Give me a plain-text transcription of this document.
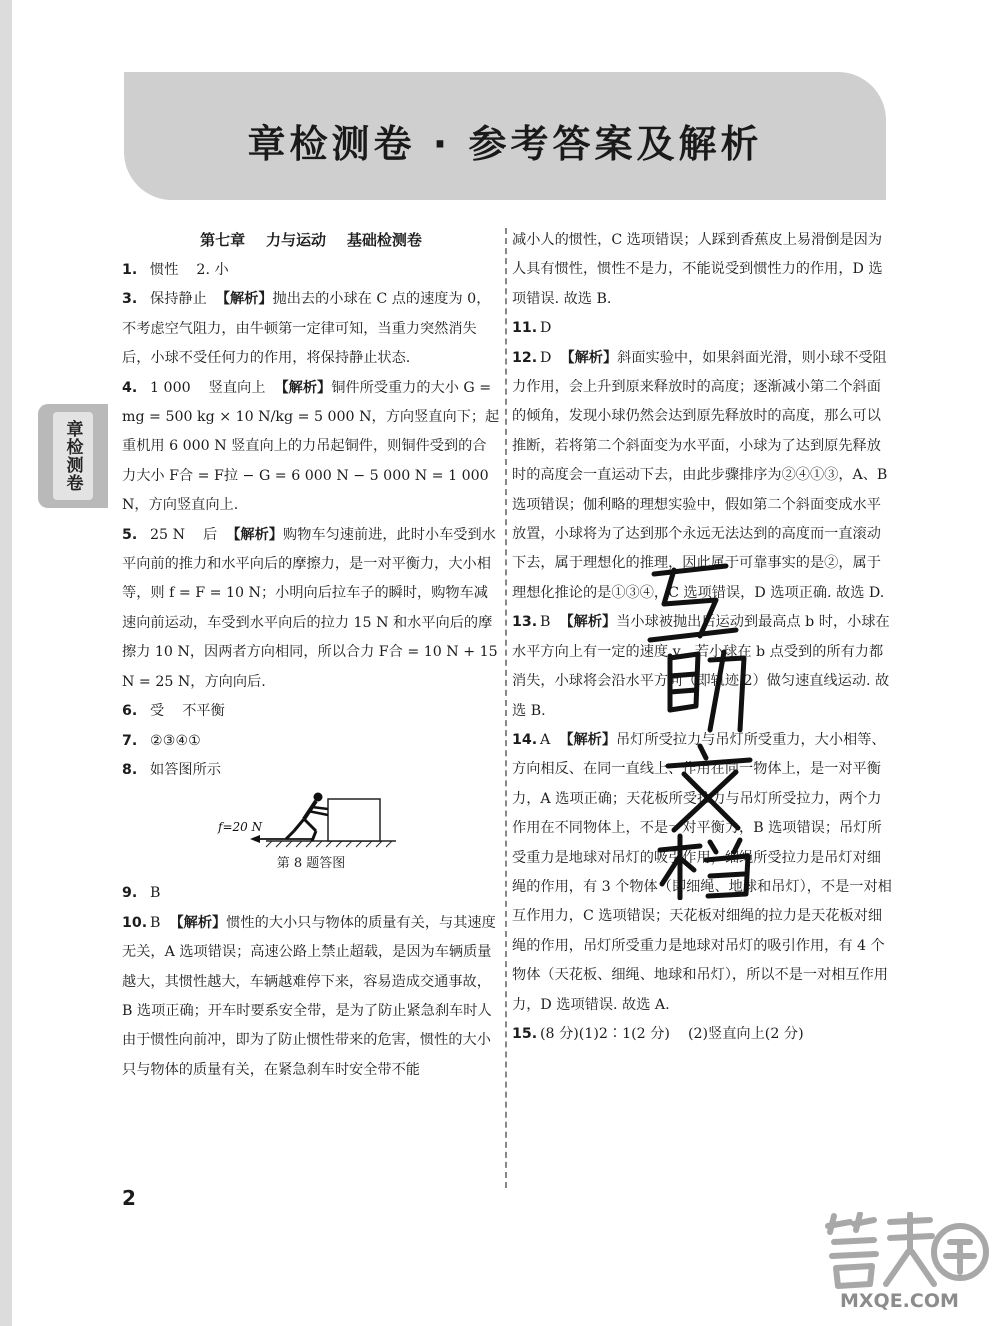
章检测卷 · 参考答案及解析
章检测卷
第七章    力与运动    基础检测卷

1. 惯性    2. 小

3. 保持静止  【解析】抛出去的小球在 C 点的速度为 0，不考虑空气阻力，由牛顿第一定律可知，当重力突然消失后，小球不受任何力的作用，将保持静止状态.

4. 1 000    竖直向上  【解析】铜件所受重力的大小 G = mg = 500 kg × 10 N/kg = 5 000 N，方向竖直向下；起重机用 6 000 N 竖直向上的力吊起铜件，则铜件受到的合力大小 F合 = F拉 − G = 6 000 N − 5 000 N = 1 000 N，方向竖直向上.

5. 25 N    后  【解析】购物车匀速前进，此时小车受到水平向前的推力和水平向后的摩擦力，是一对平衡力，大小相等，则 f = F = 10 N；小明向后拉车子的瞬时，购物车减速向前运动，车受到水平向后的拉力 15 N 和水平向后的摩擦力 10 N，因两者方向相同，所以合力 F合 = 10 N + 15 N = 25 N，方向向后.

6. 受    不平衡

7. ②③④①

8. 如答图所示

f=20 N
第 8 题答图

9. B

10. B  【解析】惯性的大小只与物体的质量有关，与其速度无关，A 选项错误；高速公路上禁止超载，是因为车辆质量越大，其惯性越大，车辆越难停下来，容易造成交通事故，B 选项正确；开车时要系安全带，是为了防止紧急刹车时人由于惯性向前冲，即为了防止惯性带来的危害，惯性的大小只与物体的质量有关，在紧急刹车时安全带不能

减小人的惯性，C 选项错误；人踩到香蕉皮上易滑倒是因为人具有惯性，惯性不是力，不能说受到惯性力的作用，D 选项错误. 故选 B.

11. D

12. D  【解析】斜面实验中，如果斜面光滑，则小球不受阻力作用，会上升到原来释放时的高度；逐渐减小第二个斜面的倾角，发现小球仍然会达到原先释放时的高度，那么可以推断，若将第二个斜面变为水平面，小球为了达到原先释放时的高度会一直运动下去，由此步骤排序为②④①③，A、B 选项错误；伽利略的理想实验中，假如第二个斜面变成水平放置，小球将为了达到那个永远无法达到的高度而一直滚动下去，属于理想化的推理，因此属于可靠事实的是②，属于理想化推论的是①③④，C 选项错误，D 选项正确. 故选 D.

13. B  【解析】当小球被抛出后运动到最高点 b 时，小球在水平方向上有一定的速度 v，若小球在 b 点受到的所有力都消失，小球将会沿水平方向（即轨迹 2）做匀速直线运动. 故选 B.

14. A  【解析】吊灯所受拉力与吊灯所受重力，大小相等、方向相反、在同一直线上、作用在同一物体上，是一对平衡力，A 选项正确；天花板所受拉力与吊灯所受拉力，两个力作用在不同物体上，不是一对平衡力，B 选项错误；吊灯所受重力是地球对吊灯的吸引作用，细绳所受拉力是吊灯对细绳的作用，有 3 个物体（即细绳、地球和吊灯），不是一对相互作用力，C 选项错误；天花板对细绳的拉力是天花板对细绳的作用，吊灯所受重力是地球对吊灯的吸引作用，有 4 个物体（天花板、细绳、地球和吊灯），所以不是一对相互作用力，D 选项错误. 故选 A.

15. (8 分)(1)2∶1(2 分)    (2)竖直向上(2 分)

2
MXQE.COM
